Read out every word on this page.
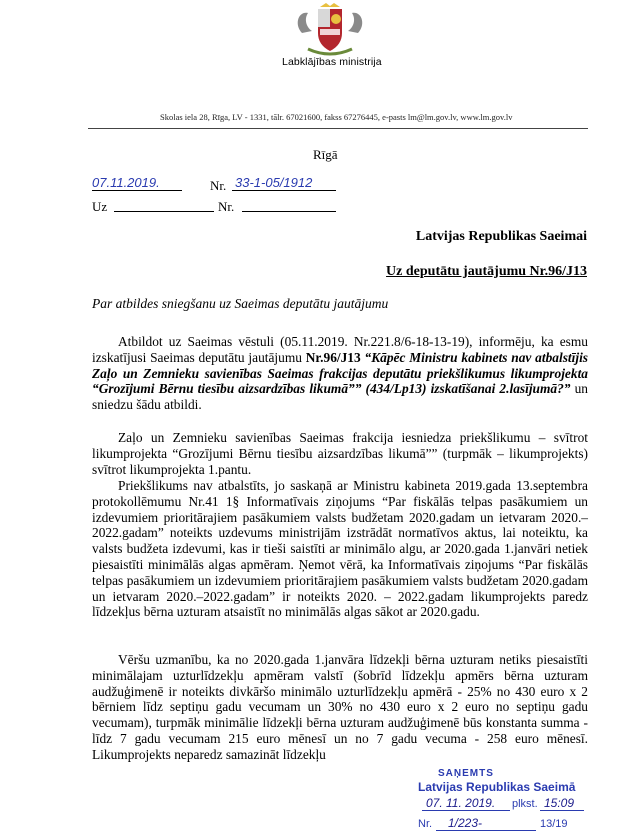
Labklājības ministrija
Skolas iela 28, Rīga, LV - 1331, tālr. 67021600, fakss 67276445, e-pasts lm@lm.gov.lv, www.lm.gov.lv
Rīgā
07.11.2019.	Nr. 33-1-05/1912
Uz	Nr.
Latvijas Republikas Saeimai
Uz deputātu jautājumu Nr.96/J13
Par atbildes sniegšanu uz Saeimas deputātu jautājumu

Atbildot uz Saeimas vēstuli (05.11.2019. Nr.221.8/6-18-13-19), informēju, ka esmu izskatījusi Saeimas deputātu jautājumu Nr.96/J13 “Kāpēc Ministru kabinets nav atbalstījis Zaļo un Zemnieku savienības Saeimas frakcijas deputātu priekšlikumus likumprojekta “Grozījumi Bērnu tiesību aizsardzības likumā”” (434/Lp13) izskatīšanai 2.lasījumā?” un sniedzu šādu atbildi.

Zaļo un Zemnieku savienības Saeimas frakcija iesniedza priekšlikumu – svītrot likumprojekta “Grozījumi Bērnu tiesību aizsardzības likumā”” (turpmāk – likumprojekts) svītrot likumprojekta 1.pantu.

Priekšlikums nav atbalstīts, jo saskaņā ar Ministru kabineta 2019.gada 13.septembra protokollēmumu Nr.41 1§ Informatīvais ziņojums “Par fiskālās telpas pasākumiem un izdevumiem prioritārajiem pasākumiem valsts budžetam 2020.gadam un ietvaram 2020.–2022.gadam” noteikts uzdevums ministrijām izstrādāt normatīvos aktus, lai noteiktu, ka valsts budžeta izdevumi, kas ir tieši saistīti ar minimālo algu, ar 2020.gada 1.janvāri netiek piesaistīti minimālās algas apmēram. Ņemot vērā, ka Informatīvais ziņojums “Par fiskālās telpas pasākumiem un izdevumiem prioritārajiem pasākumiem valsts budžetam 2020.gadam un ietvaram 2020.–2022.gadam” ir noteikts 2020. – 2022.gadam likumprojekts paredz līdzekļus bērna uzturam atsaistīt no minimālās algas sākot ar 2020.gadu.

Vēršu uzmanību, ka no 2020.gada 1.janvāra līdzekļi bērna uzturam netiks piesaistīti minimālajam uzturlīdzekļu apmēram valstī (šobrīd līdzekļu apmērs bērna uzturam audžuģimenē ir noteikts divkāršo minimālo uzturlīdzekļu apmērā - 25% no 430 euro x 2 bērniem līdz septiņu gadu vecumam un 30% no 430 euro x 2 euro no septiņu gadu vecumam), turpmāk minimālie līdzekļi bērna uzturam audžuģimenē būs konstanta summa - līdz 7 gadu vecumam 215 euro mēnesī un no 7 gadu vecuma - 258 euro mēnesī. Likumprojekts neparedz samazināt līdzekļu

SAŅEMTS
Latvijas Republikas Saeimā
07. 11. 2019. plkst. 15:09
Nr. 1/223-	13/19
